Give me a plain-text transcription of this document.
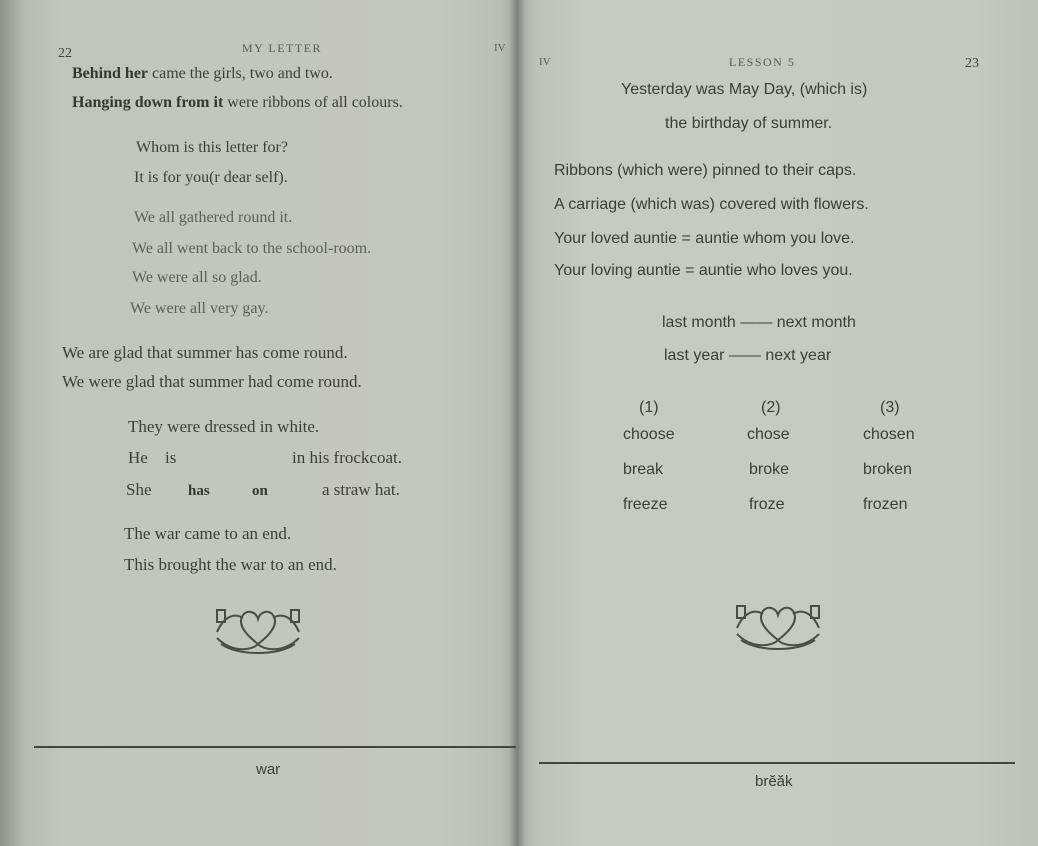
22	MY LETTER	IV
Behind her came the girls, two and two.
Hanging down from it were ribbons of all colours.
Whom is this letter for?
It is for you(r dear self).
We all gathered round it.
We all went back to the school-room.
We were all so glad.
We were all very gay.
We are glad that summer has come round.
We were glad that summer had come round.
They were dressed in white.
He is	in his frockcoat.
She has	on	a straw hat.
The war came to an end.
This brought the war to an end.
war
IV	LESSON 5	23
Yesterday was May Day, (which is)
the birthday of summer.
Ribbons (which were) pinned to their caps.
A carriage (which was) covered with flowers.
Your loved auntie = auntie whom you love.
Your loving auntie = auntie who loves you.
last month —— next month
last year —— next year
(1)	(2)	(3)
choose	chose	chosen
break	broke	broken
freeze	froze	frozen
brĕăk
